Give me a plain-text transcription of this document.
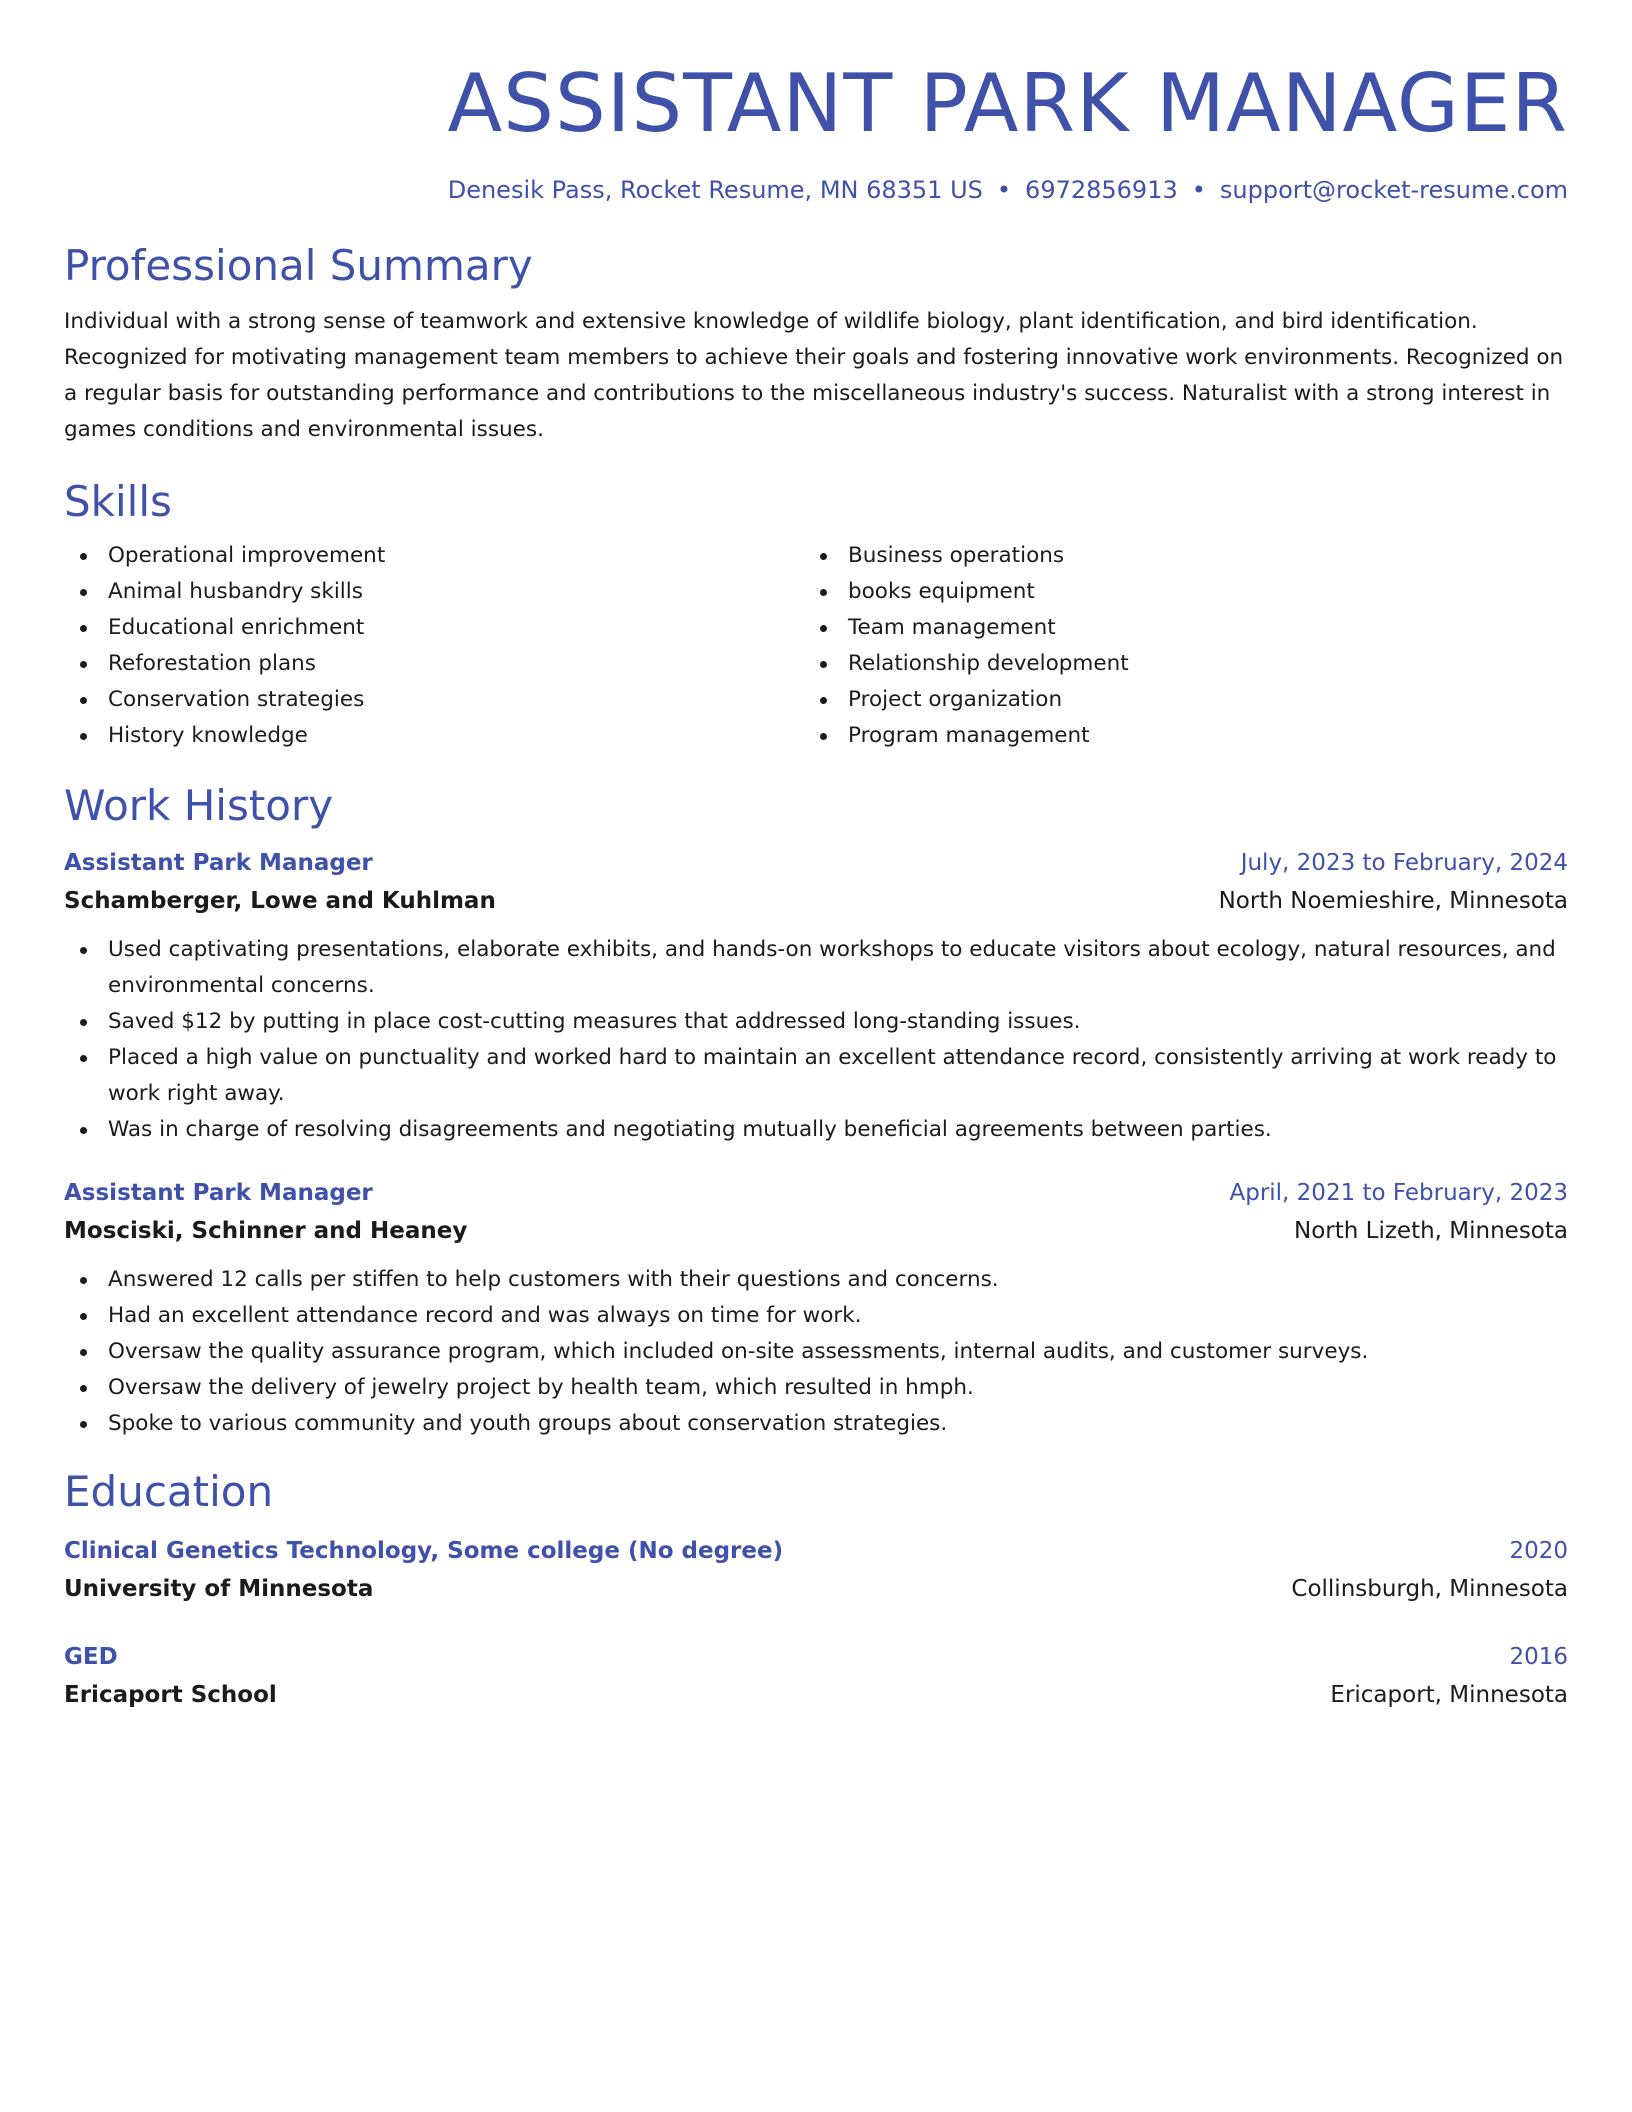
ASSISTANT PARK MANAGER
Denesik Pass, Rocket Resume, MN 68351 US • 6972856913 • support@rocket-resume.com
Professional Summary
Individual with a strong sense of teamwork and extensive knowledge of wildlife biology, plant identification, and bird identification. Recognized for motivating management team members to achieve their goals and fostering innovative work environments. Recognized on a regular basis for outstanding performance and contributions to the miscellaneous industry's success. Naturalist with a strong interest in games conditions and environmental issues.
Skills
Operational improvement
Animal husbandry skills
Educational enrichment
Reforestation plans
Conservation strategies
History knowledge
Business operations
books equipment
Team management
Relationship development
Project organization
Program management
Work History
Assistant Park Manager	July, 2023 to February, 2024
Schamberger, Lowe and Kuhlman	North Noemieshire, Minnesota
Used captivating presentations, elaborate exhibits, and hands-on workshops to educate visitors about ecology, natural resources, and environmental concerns.
Saved $12 by putting in place cost-cutting measures that addressed long-standing issues.
Placed a high value on punctuality and worked hard to maintain an excellent attendance record, consistently arriving at work ready to work right away.
Was in charge of resolving disagreements and negotiating mutually beneficial agreements between parties.
Assistant Park Manager	April, 2021 to February, 2023
Mosciski, Schinner and Heaney	North Lizeth, Minnesota
Answered 12 calls per stiffen to help customers with their questions and concerns.
Had an excellent attendance record and was always on time for work.
Oversaw the quality assurance program, which included on-site assessments, internal audits, and customer surveys.
Oversaw the delivery of jewelry project by health team, which resulted in hmph.
Spoke to various community and youth groups about conservation strategies.
Education
Clinical Genetics Technology, Some college (No degree)	2020
University of Minnesota	Collinsburgh, Minnesota
GED	2016
Ericaport School	Ericaport, Minnesota
